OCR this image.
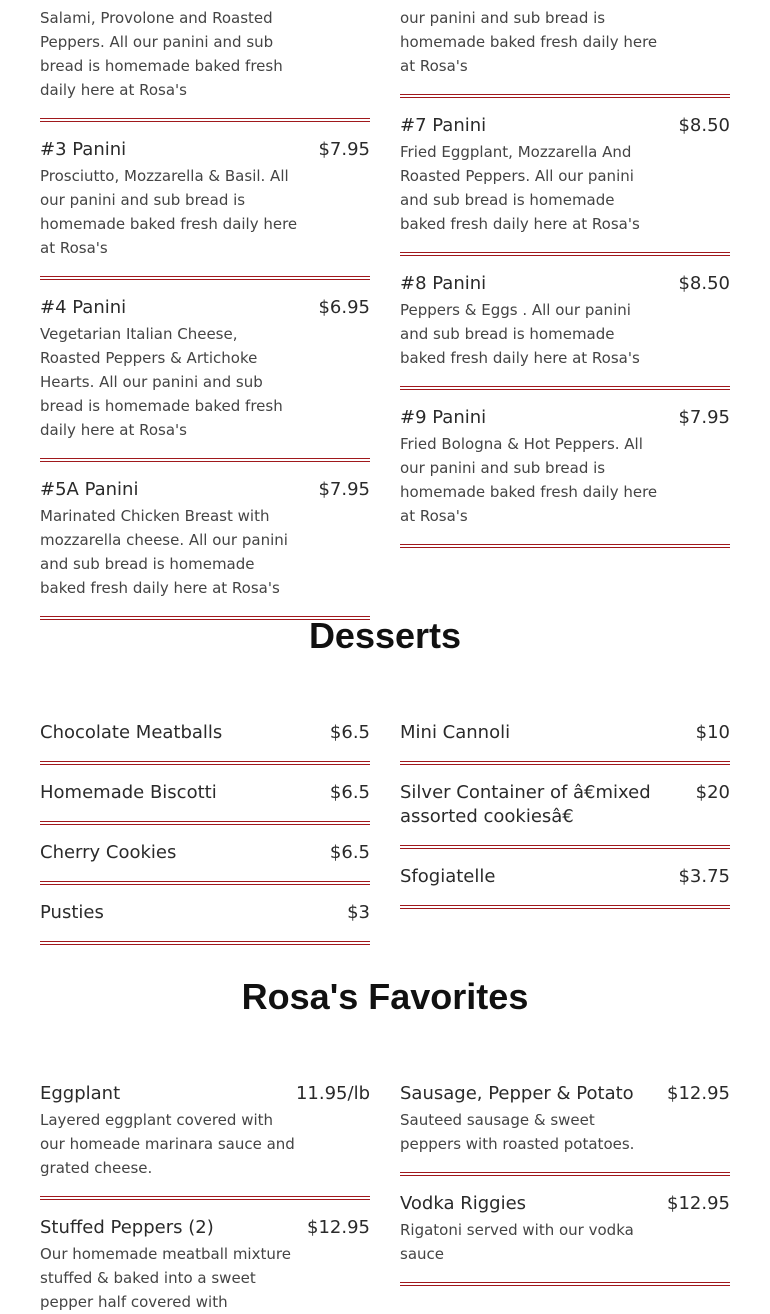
Salami, Provolone and Roasted Peppers. All our panini and sub bread is homemade baked fresh daily here at Rosa's
#3 Panini	$7.95
Prosciutto, Mozzarella & Basil. All our panini and sub bread is homemade baked fresh daily here at Rosa's
#4 Panini	$6.95
Vegetarian Italian Cheese, Roasted Peppers & Artichoke Hearts. All our panini and sub bread is homemade baked fresh daily here at Rosa's
#5A Panini	$7.95
Marinated Chicken Breast with mozzarella cheese. All our panini and sub bread is homemade baked fresh daily here at Rosa's
our panini and sub bread is homemade baked fresh daily here at Rosa's
#7 Panini	$8.50
Fried Eggplant, Mozzarella And Roasted Peppers. All our panini and sub bread is homemade baked fresh daily here at Rosa's
#8 Panini	$8.50
Peppers & Eggs . All our panini and sub bread is homemade baked fresh daily here at Rosa's
#9 Panini	$7.95
Fried Bologna & Hot Peppers. All our panini and sub bread is homemade baked fresh daily here at Rosa's
Desserts
Chocolate Meatballs	$6.5
Homemade Biscotti	$6.5
Cherry Cookies	$6.5
Pusties	$3
Mini Cannoli	$10
Silver Container of â€mixed assorted cookiesâ€
$20
Sfogiatelle	$3.75
Rosa's Favorites
Eggplant	11.95/lb
Layered eggplant covered with our homeade marinara sauce and grated cheese.
Stuffed Peppers (2)	$12.95
Our homemade meatball mixture stuffed & baked into a sweet pepper half covered with
Sausage, Pepper & Potato	$12.95
Sauteed sausage & sweet peppers with roasted potatoes.
Vodka Riggies	$12.95
Rigatoni served with our vodka sauce
